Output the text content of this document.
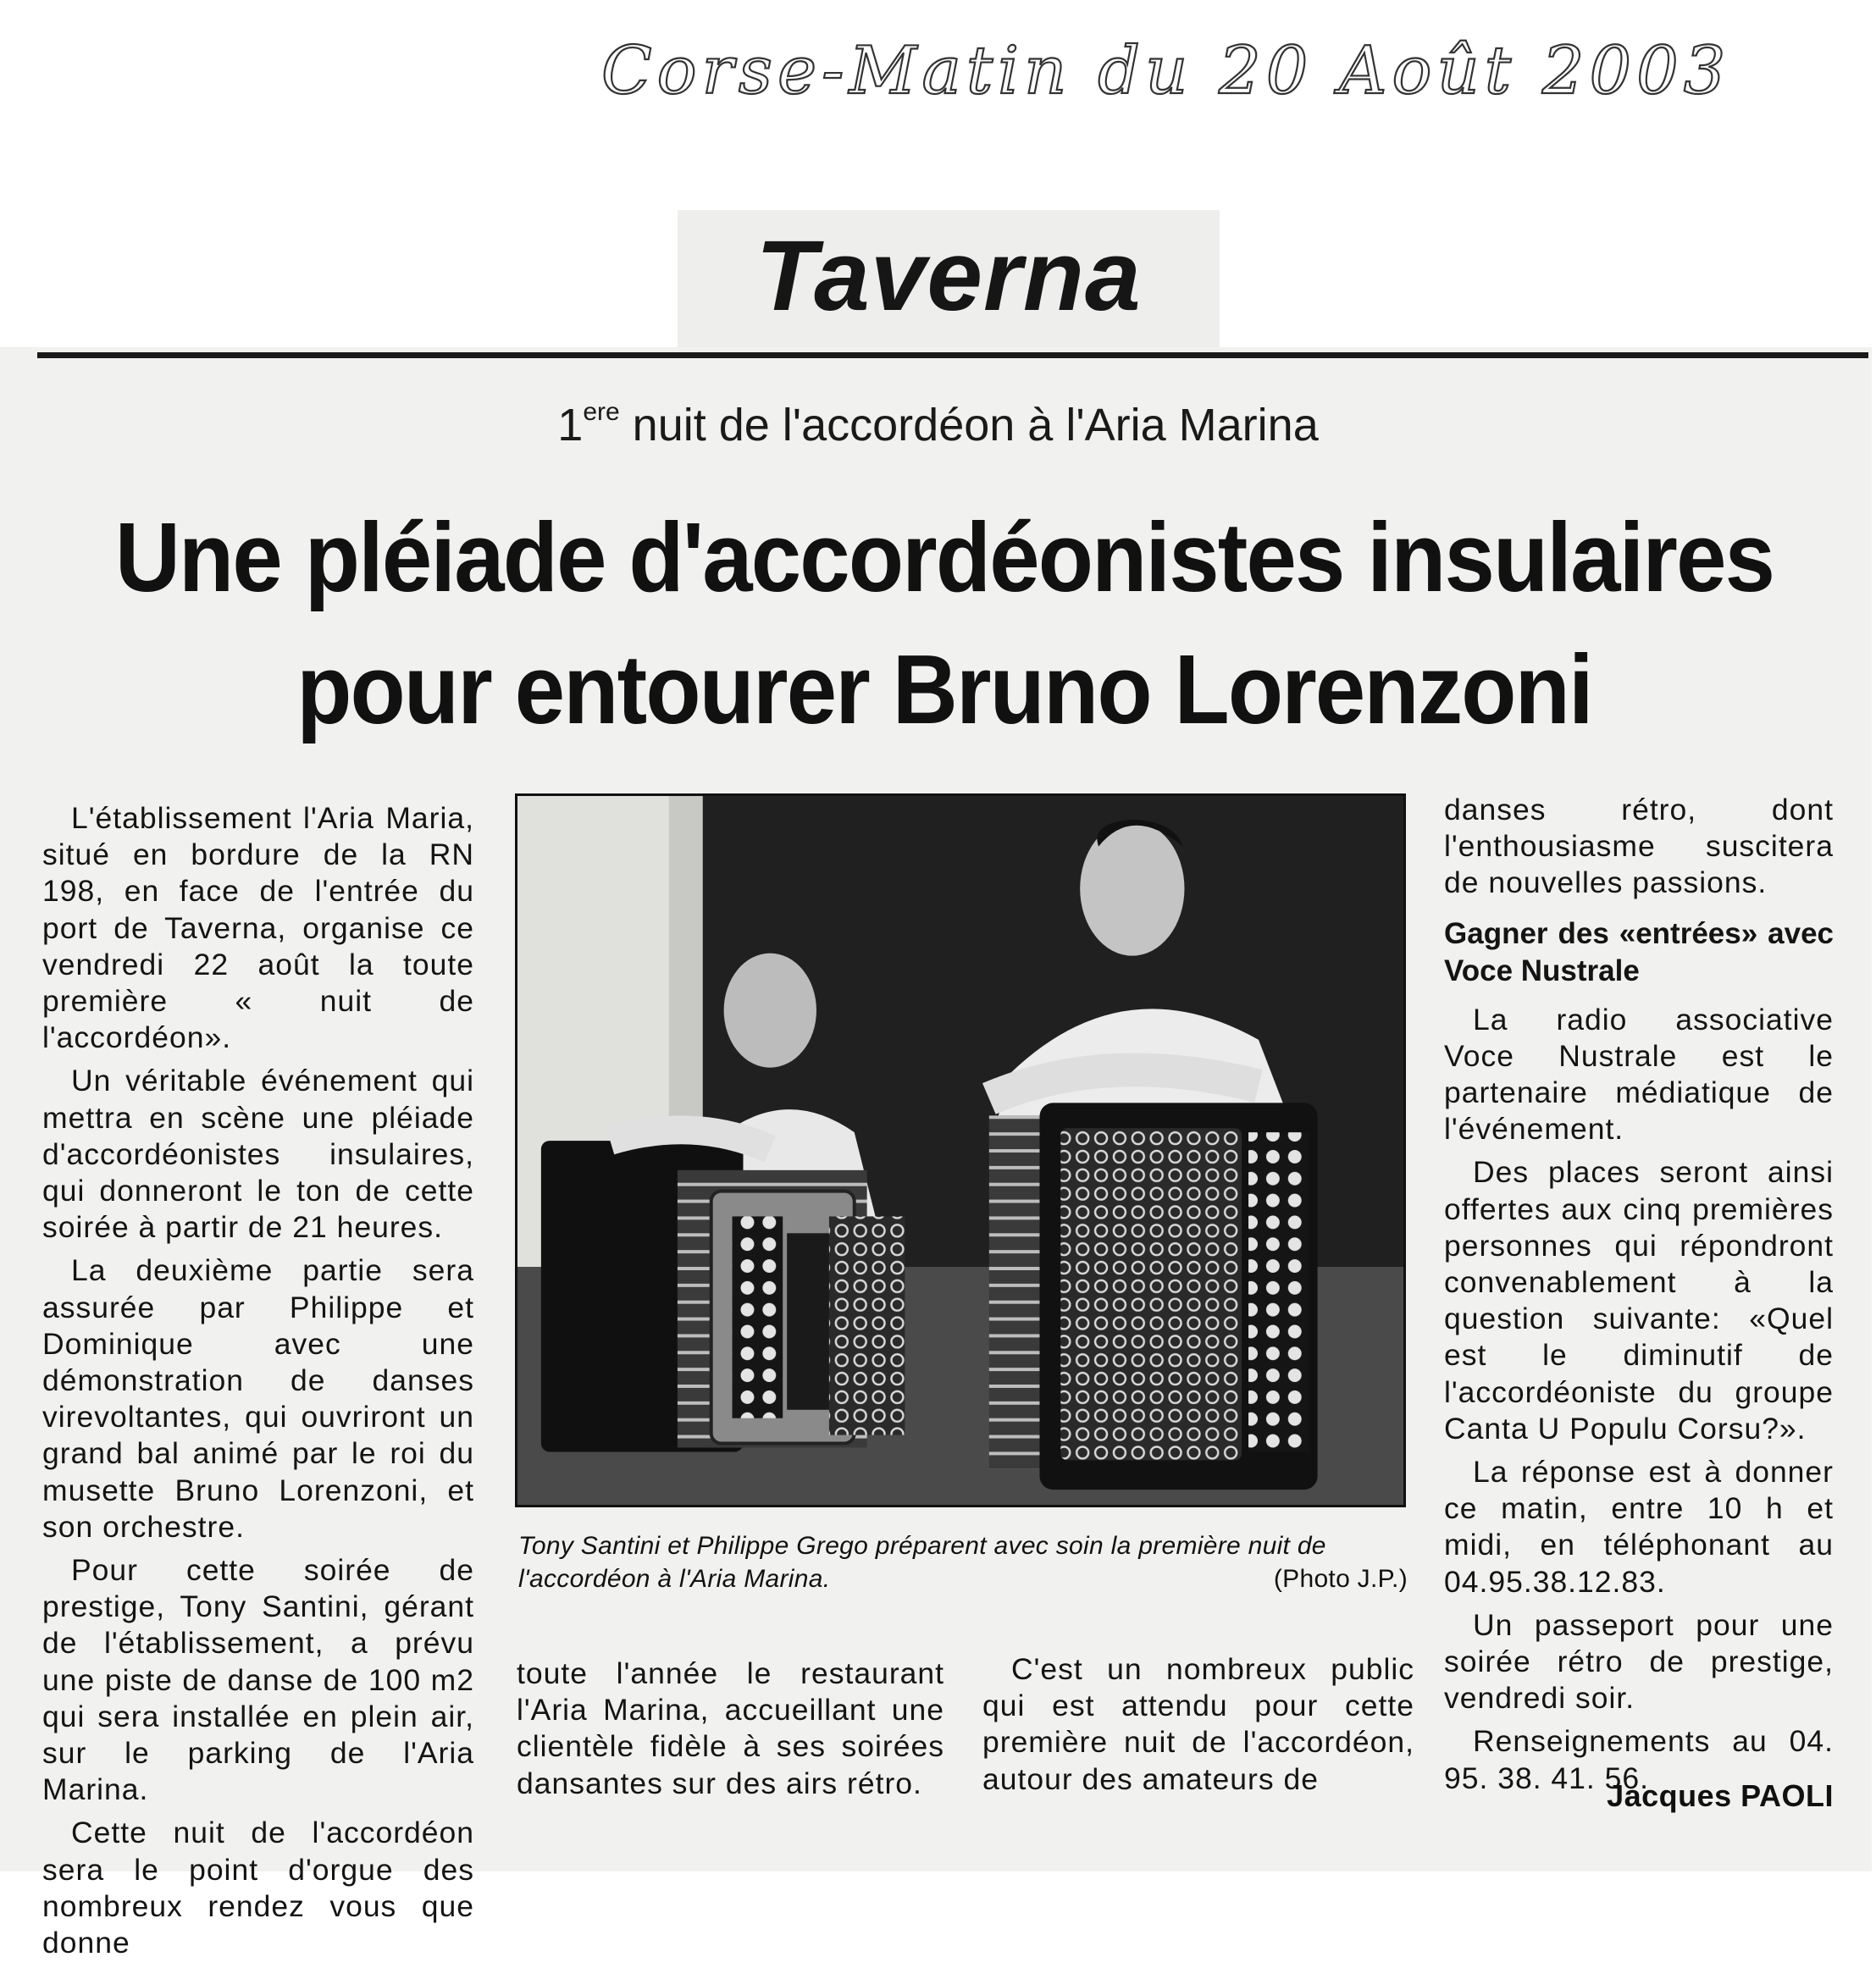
Corse-Matin du 20 Août 2003
Taverna
1ere nuit de l'accordéon à l'Aria Marina
Une pléiade d'accordéonistes insulaires
pour entourer Bruno Lorenzoni

L'établissement l'Aria Maria, situé en bordure de la RN 198, en face de l'entrée du port de Taverna, organise ce vendredi 22 août la toute première « nuit de l'accordéon».

Un véritable événement qui mettra en scène une pléiade d'accordéonistes insulaires, qui donneront le ton de cette soirée à partir de 21 heures.

La deuxième partie sera assurée par Philippe et Dominique avec une démonstration de danses virevoltantes, qui ouvriront un grand bal animé par le roi du musette Bruno Lorenzoni, et son orchestre.

Pour cette soirée de prestige, Tony Santini, gérant de l'établissement, a prévu une piste de danse de 100 m2 qui sera installée en plein air, sur le parking de l'Aria Marina.

Cette nuit de l'accordéon sera le point d'orgue des nombreux rendez vous que donne

Tony Santini et Philippe Grego préparent avec soin la première nuit de l'accordéon à l'Aria Marina.	(Photo J.P.)

toute l'année le restaurant l'Aria Marina, accueillant une clientèle fidèle à ses soirées dansantes sur des airs rétro.

C'est un nombreux public qui est attendu pour cette première nuit de l'accordéon, autour des amateurs de

danses rétro, dont l'enthousiasme suscitera de nouvelles passions.

Gagner des «entrées» avec Voce Nustrale

La radio associative Voce Nustrale est le partenaire médiatique de l'événement.

Des places seront ainsi offertes aux cinq premières personnes qui répondront convenablement à la question suivante: «Quel est le diminutif de l'accordéoniste du groupe Canta U Populu Corsu?».

La réponse est à donner ce matin, entre 10 h et midi, en téléphonant au 04.95.38.12.83.

Un passeport pour une soirée rétro de prestige, vendredi soir.

Renseignements au 04. 95. 38. 41. 56.

Jacques PAOLI
